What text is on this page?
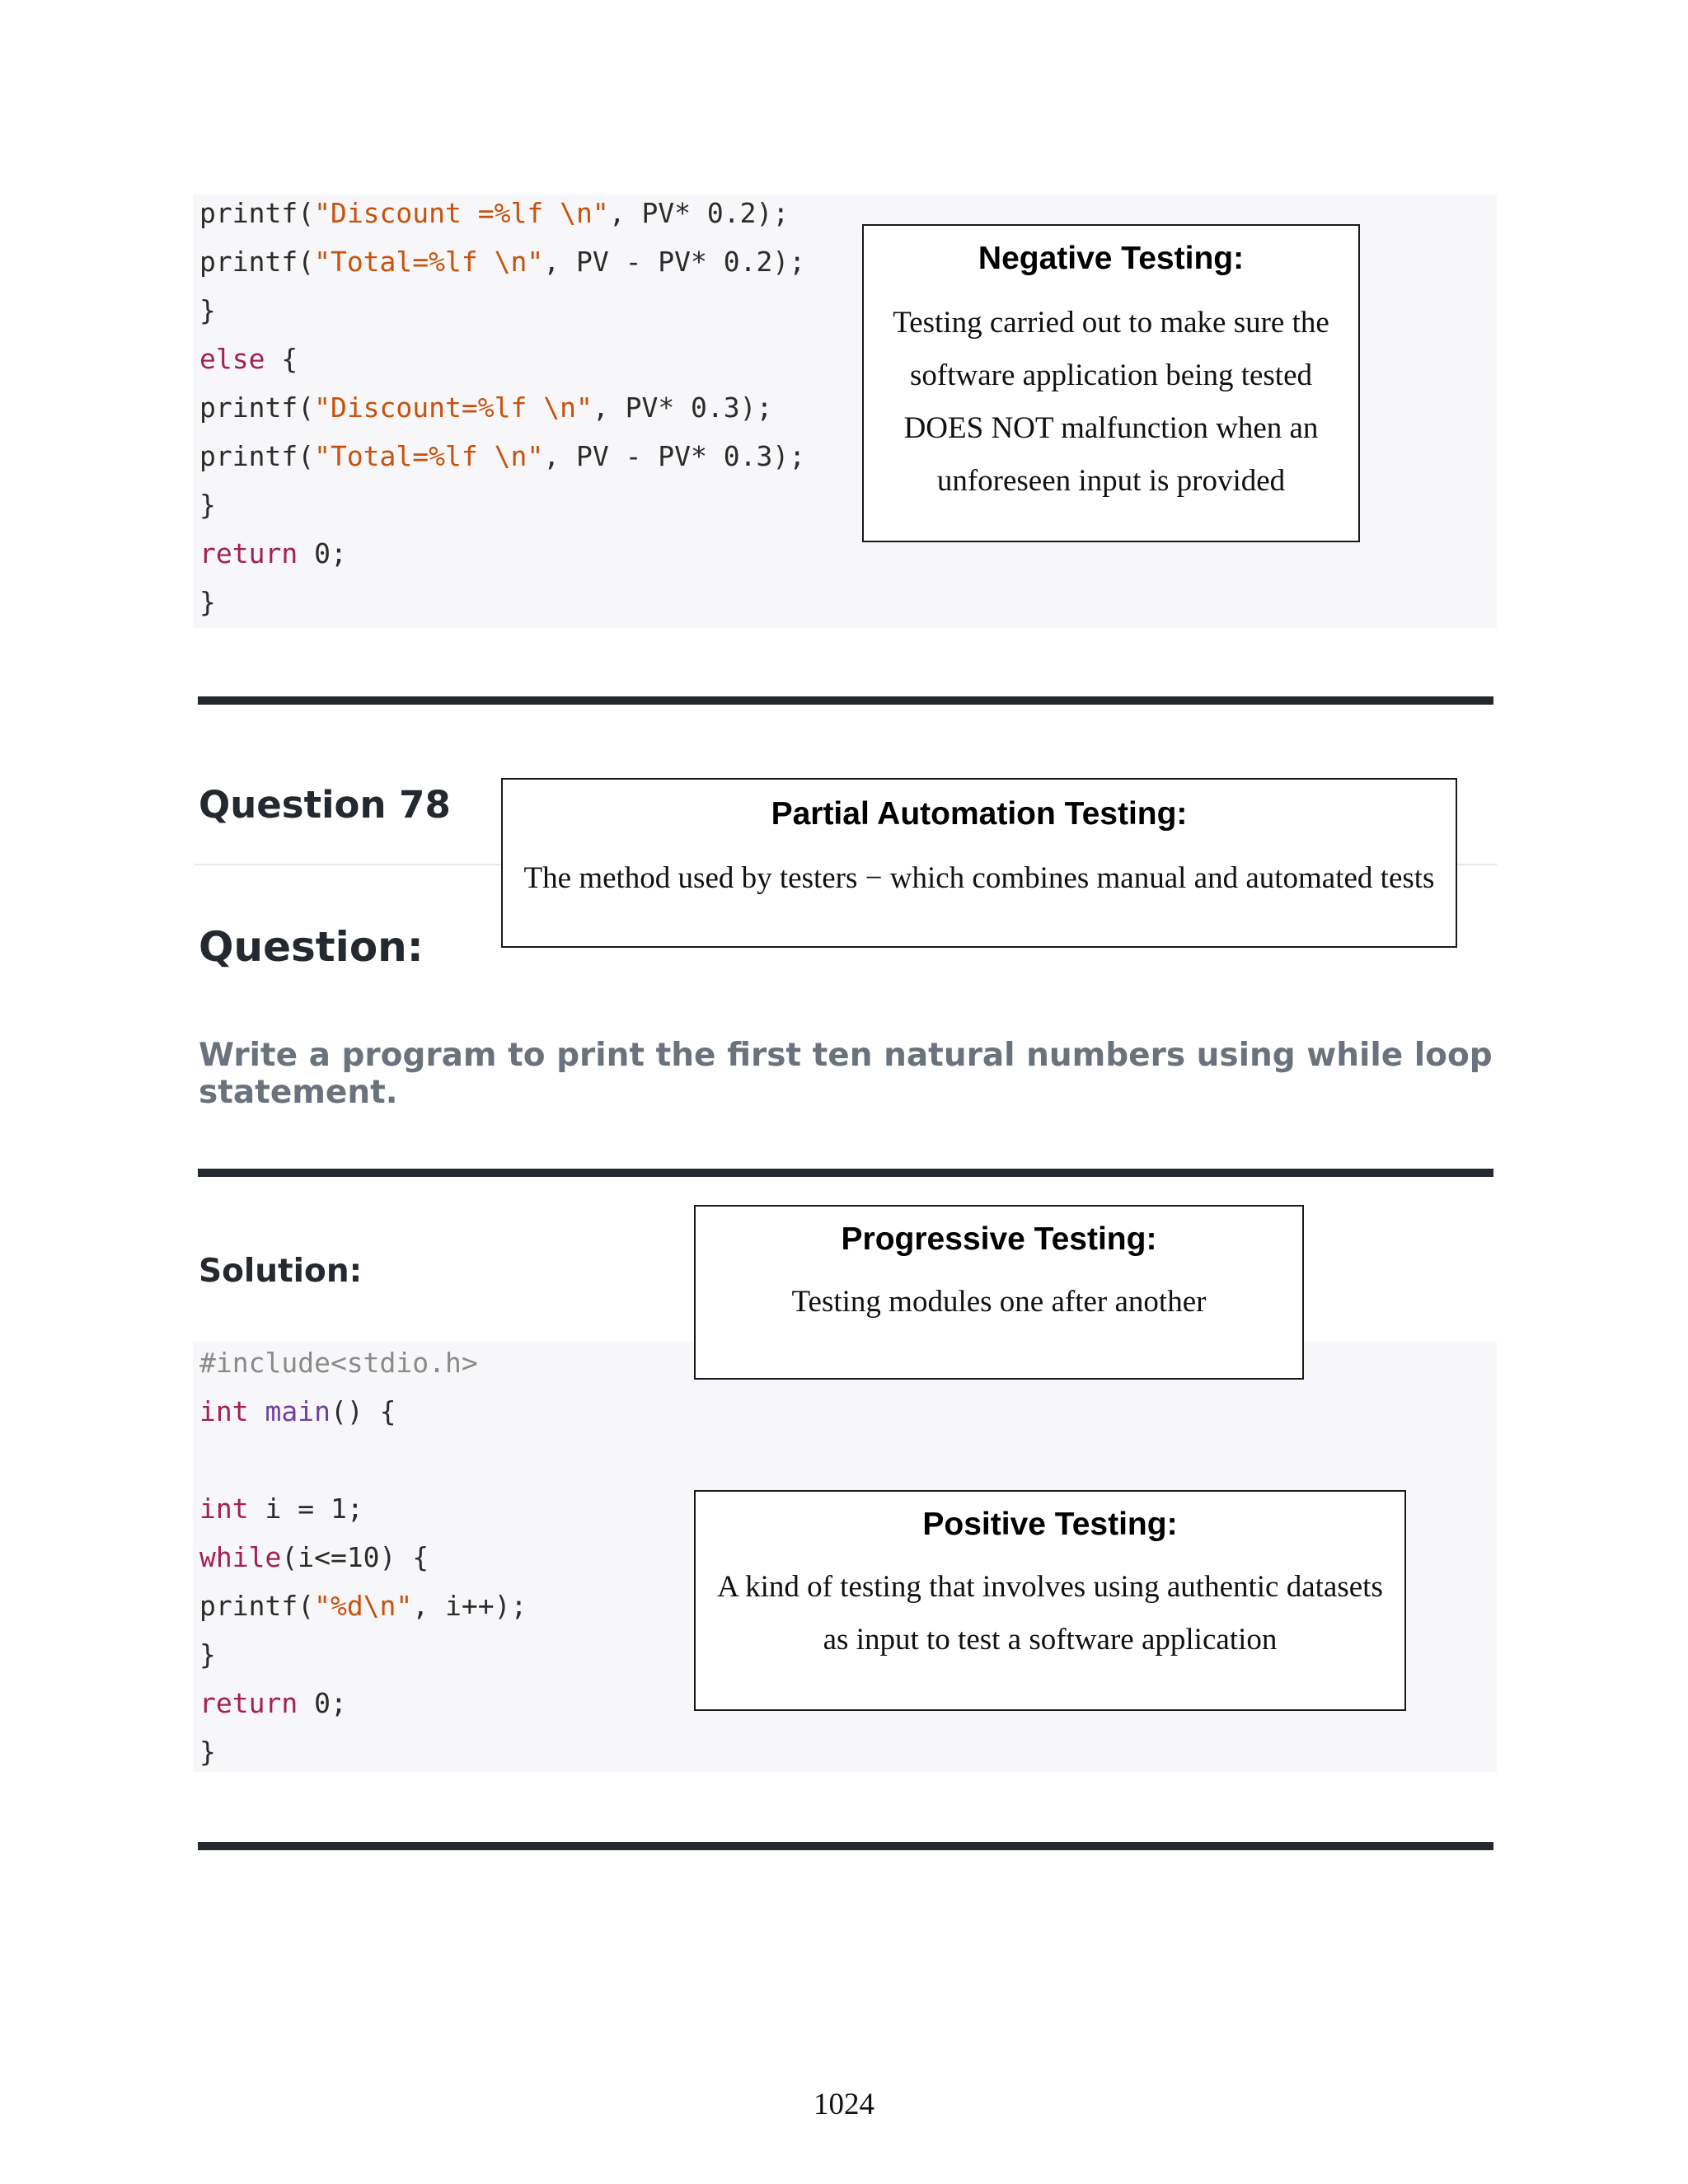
printf("Discount =%lf \n", PV* 0.2);
printf("Total=%lf \n", PV - PV* 0.2);
}
else {
printf("Discount=%lf \n", PV* 0.3);
printf("Total=%lf \n", PV - PV* 0.3);
}
return 0;
}
Question 78
Question:

Write a program to print the first ten natural numbers using while loop statement.

Solution:
#include<stdio.h>
int main() {
int i = 1;
while(i<=10) {
printf("%d\n", i++);
}
return 0;
}
Negative Testing:
Testing carried out to make sure the
software application being tested
DOES NOT malfunction when an
unforeseen input is provided
Partial Automation Testing:
The method used by testers − which combines manual and automated tests
Progressive Testing:
Testing modules one after another
Positive Testing:
A kind of testing that involves using authentic datasets
as input to test a software application
1024
